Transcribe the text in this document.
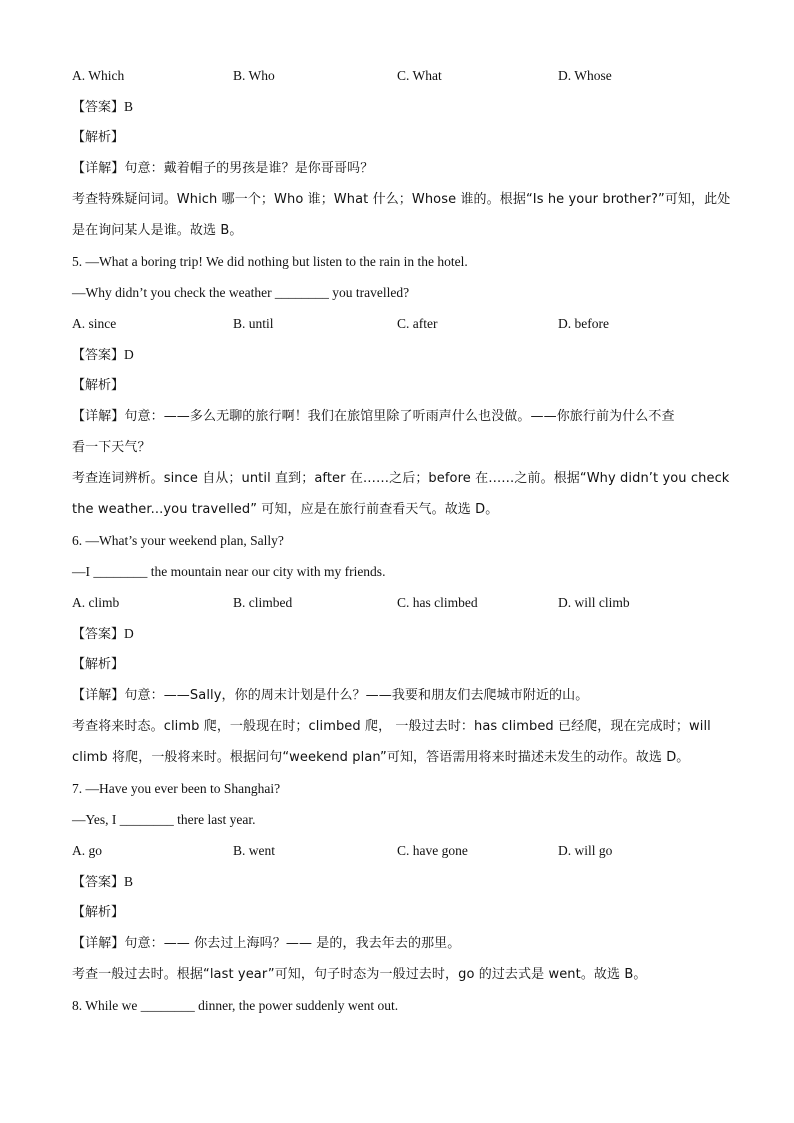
A. Which	B. Who	C. What	D. Whose
【答案】B
【解析】
【详解】句意：戴着帽子的男孩是谁？是你哥哥吗？
考查特殊疑问词。Which 哪一个；Who 谁；What 什么；Whose 谁的。根据“Is he your brother?”可知，此处
是在询问某人是谁。故选 B。
5. —What a boring trip! We did nothing but listen to the rain in the hotel.
—Why didn’t you check the weather ________ you travelled?
A. since	B. until	C. after	D. before
【答案】D
【解析】
【详解】句意：——多么无聊的旅行啊！我们在旅馆里除了听雨声什么也没做。——你旅行前为什么不查
看一下天气？
考查连词辨析。since 自从；until 直到；after 在……之后；before 在……之前。根据“Why didn’t you check
the weather...you travelled” 可知，应是在旅行前查看天气。故选 D。
6. —What’s your weekend plan, Sally?
—I ________ the mountain near our city with my friends.
A. climb	B. climbed	C. has climbed	D. will climb
【答案】D
【解析】
【详解】句意：——Sally，你的周末计划是什么？——我要和朋友们去爬城市附近的山。
考查将来时态。climb 爬，一般现在时；climbed 爬， 一般过去时：has climbed 已经爬，现在完成时；will
climb 将爬，一般将来时。根据问句“weekend plan”可知，答语需用将来时描述未发生的动作。故选 D。
7. —Have you ever been to Shanghai?
—Yes, I ________ there last year.
A. go	B. went	C. have gone	D. will go
【答案】B
【解析】
【详解】句意：—— 你去过上海吗？—— 是的，我去年去的那里。
考查一般过去时。根据“last year”可知，句子时态为一般过去时，go 的过去式是 went。故选 B。
8. While we ________ dinner, the power suddenly went out.
